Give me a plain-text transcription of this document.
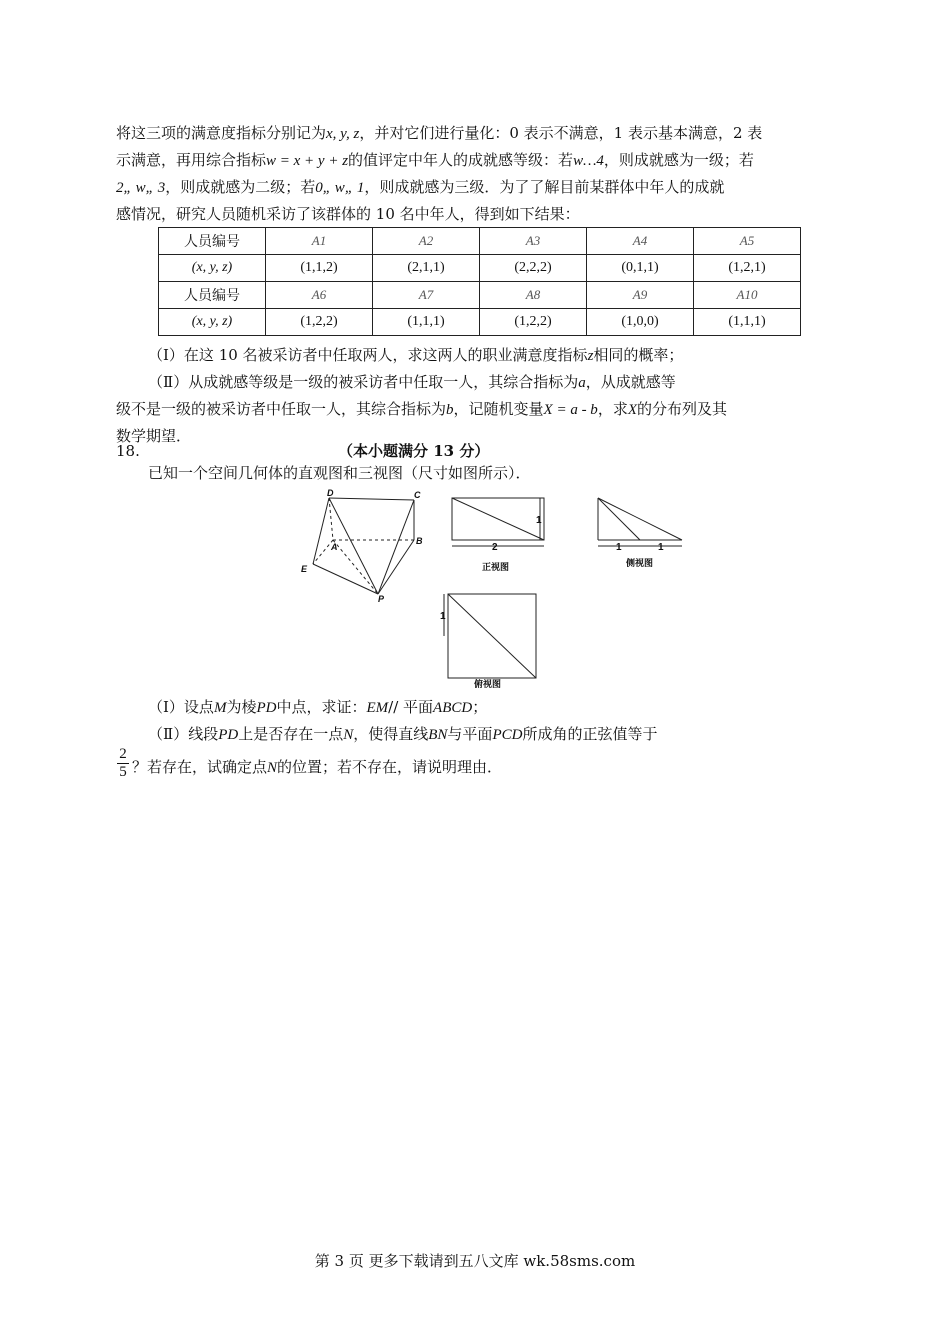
将这三项的满意度指标分别记为x, y, z，并对它们进行量化：0 表示不满意，1 表示基本满意，2 表
示满意，再用综合指标w = x + y + z的值评定中年人的成就感等级：若w…4，则成就感为一级；若
2„ w„ 3，则成就感为二级；若0„ w„ 1，则成就感为三级．为了了解目前某群体中年人的成就
感情况，研究人员随机采访了该群体的 10 名中年人，得到如下结果：
人员编号	A1	A2	A3	A4	A5
(x, y, z)	(1,1,2)	(2,1,1)	(2,2,2)	(0,1,1)	(1,2,1)
人员编号	A6	A7	A8	A9	A10
(x, y, z)	(1,2,2)	(1,1,1)	(1,2,2)	(1,0,0)	(1,1,1)
（Ⅰ）在这 10 名被采访者中任取两人，求这两人的职业满意度指标z相同的概率；
（Ⅱ）从成就感等级是一级的被采访者中任取一人，其综合指标为a，从成就感等
级不是一级的被采访者中任取一人，其综合指标为b，记随机变量X = a - b，求X的分布列及其
数学期望．
18.	（本小题满分 13 分）
已知一个空间几何体的直观图和三视图（尺寸如图所示）．
D	C
A
B
E
P
2
1
1	1
1
正视图	侧视图
俯视图
（Ⅰ）设点M为棱PD中点，求证：EM// 平面ABCD；
（Ⅱ）线段PD上是否存在一点N，使得直线BN与平面PCD所成角的正弦值等于
2
5 ？若存在，试确定点N的位置；若不存在，请说明理由．
第 3 页 更多下载请到五八文库 wk.58sms.com
